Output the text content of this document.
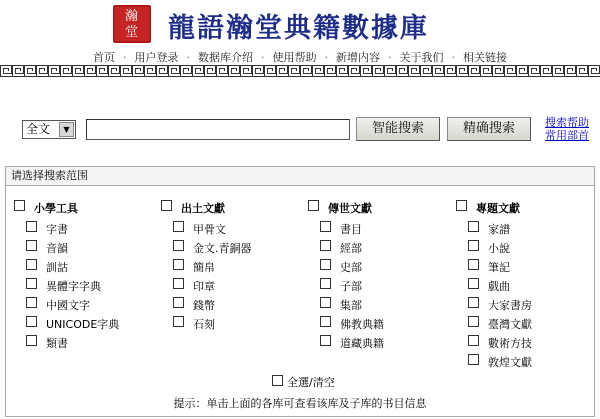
瀚
堂	龍語瀚堂典籍數據庫
首页 · 用户登录 · 数据库介绍 · 使用帮助 · 新增内容 · 关于我们 · 相关链接
全文	▼	智能搜索	精确搜索	搜索帮助
常用部首
请选择搜索范围
小學工具
字書
音韻
訓詁
異體字字典
中國文字
UNICODE字典
類書
出土文獻
甲骨文
金文.青銅器
簡帛
印章
錢幣
石刻
傳世文獻
書目
經部
史部
子部
集部
佛教典籍
道藏典籍
專題文獻
家譜
小說
筆記
戲曲
大家書房
臺灣文獻
數術方技
敦煌文獻
全選/清空
提示：单击上面的各库可查看该库及子库的书目信息
